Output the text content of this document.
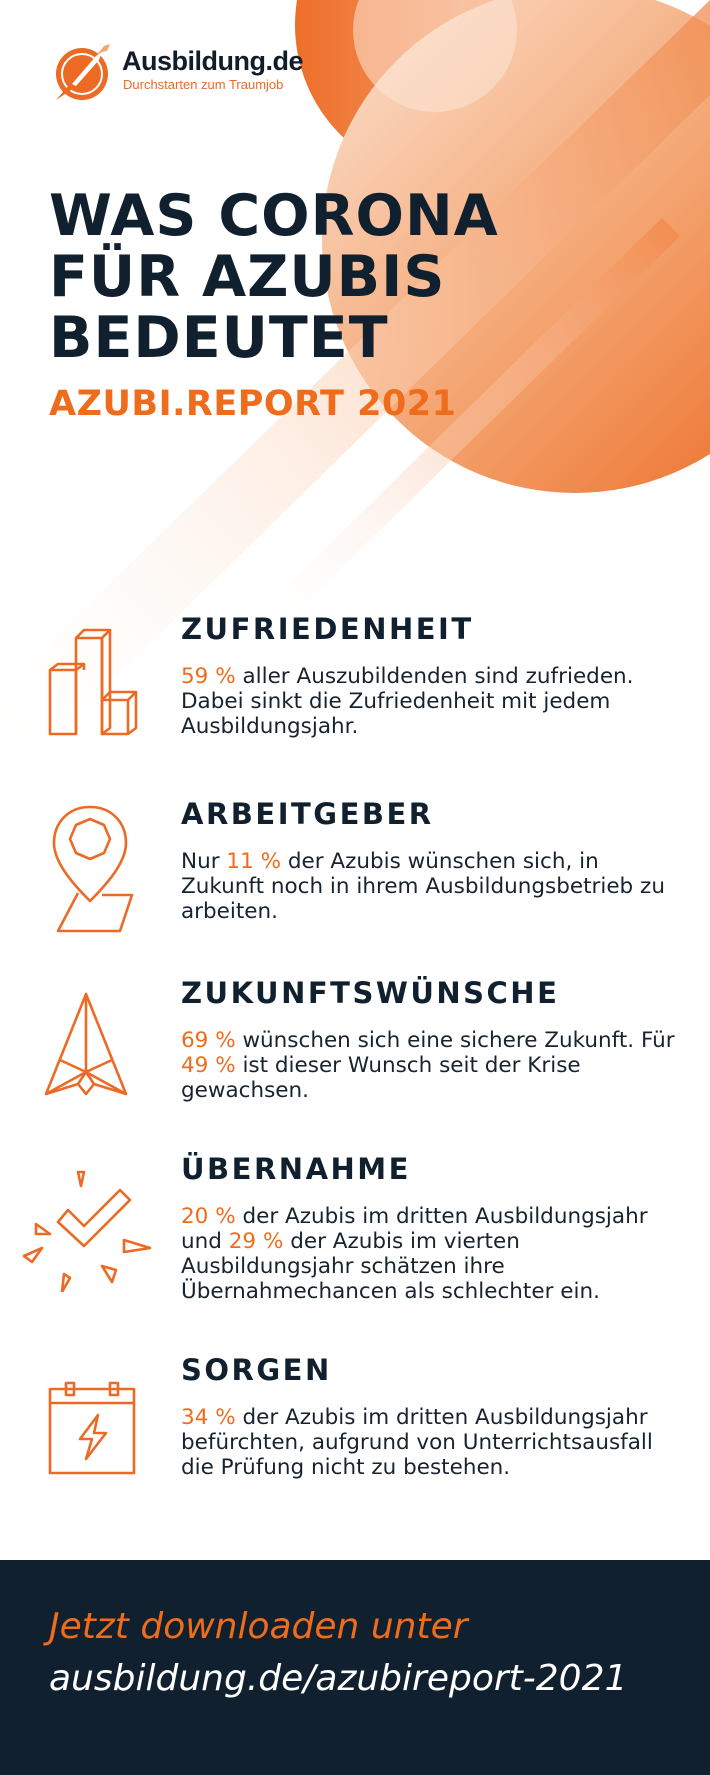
Ausbildung.de
Durchstarten zum Traumjob
WAS CORONA
FÜR AZUBIS
BEDEUTET
AZUBI.REPORT 2021
ZUFRIEDENHEIT

59 % aller Auszubildenden sind zufrieden. Dabei sinkt die Zufriedenheit mit jedem Ausbildungsjahr.

ARBEITGEBER

Nur 11 % der Azubis wünschen sich, in Zukunft noch in ihrem Ausbildungsbetrieb zu arbeiten.

ZUKUNFTSWÜNSCHE

69 % wünschen sich eine sichere Zukunft. Für 49 % ist dieser Wunsch seit der Krise gewachsen.

ÜBERNAHME

20 % der Azubis im dritten Ausbildungsjahr und 29 % der Azubis im vierten Ausbildungsjahr schätzen ihre Übernahmechancen als schlechter ein.

SORGEN

34 % der Azubis im dritten Ausbildungsjahr befürchten, aufgrund von Unterrichtsausfall die Prüfung nicht zu bestehen.

Jetzt downloaden unter
ausbildung.de/azubireport-2021
